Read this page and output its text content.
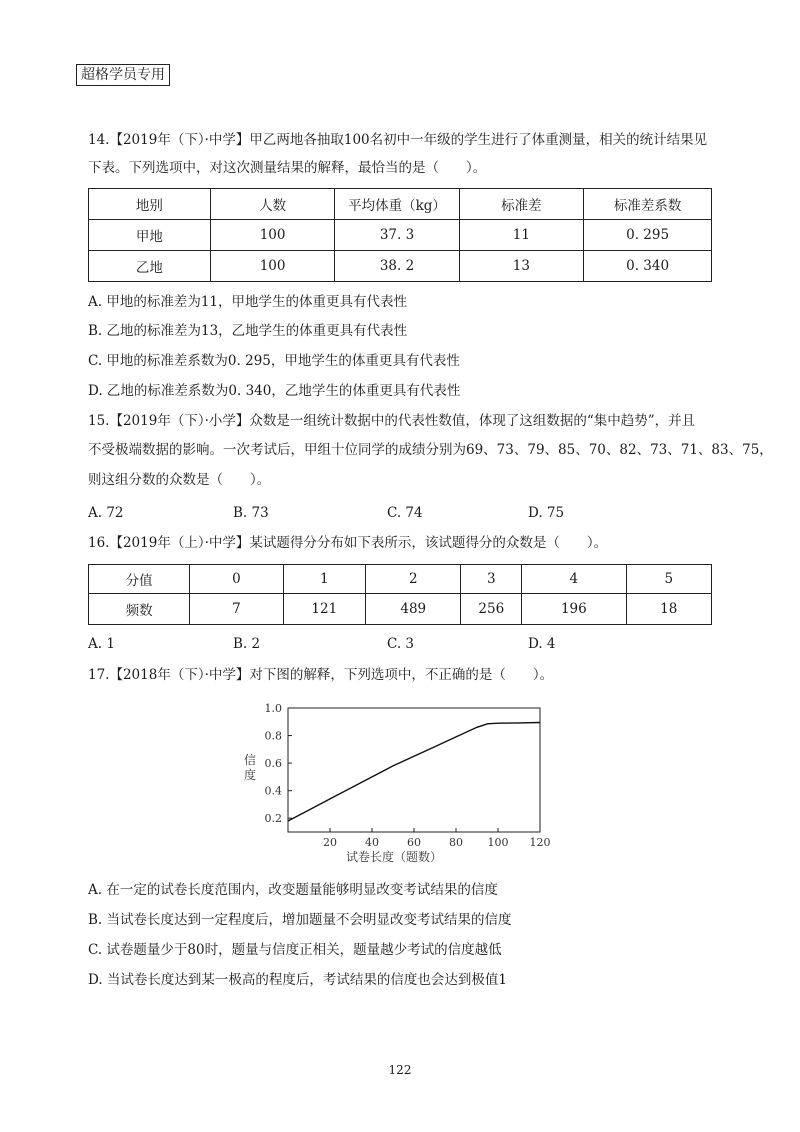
超格学员专用
14.【2019年（下）·中学】甲乙两地各抽取100名初中一年级的学生进行了体重测量，相关的统计结果见
下表。下列选项中，对这次测量结果的解释，最恰当的是（　　）。
地别	人数	平均体重（kg）	标准差	标准差系数
甲地	100	37. 3	11	0. 295
乙地	100	38. 2	13	0. 340
A. 甲地的标准差为11，甲地学生的体重更具有代表性
B. 乙地的标准差为13，乙地学生的体重更具有代表性
C. 甲地的标准差系数为0. 295，甲地学生的体重更具有代表性
D. 乙地的标准差系数为0. 340，乙地学生的体重更具有代表性
15.【2019年（下）·小学】众数是一组统计数据中的代表性数值，体现了这组数据的“集中趋势”，并且
不受极端数据的影响。一次考试后，甲组十位同学的成绩分别为69、73、79、85、70、82、73、71、83、75，
则这组分数的众数是（　　）。
A. 72	B. 73	C. 74	D. 75
16.【2019年（上）·中学】某试题得分分布如下表所示，该试题得分的众数是（　　）。
分值	0	1	2	3	4	5
频数	7	121	489	256	196	18
A. 1	B. 2	C. 3	D. 4
17.【2018年（下）·中学】对下图的解释，下列选项中，不正确的是（　　）。
0.2
0.4
0.6
0.8
1.0
20	40	60	80 100 120
信度
试卷长度（题数）
A. 在一定的试卷长度范围内，改变题量能够明显改变考试结果的信度
B. 当试卷长度达到一定程度后，增加题量不会明显改变考试结果的信度
C. 试卷题量少于80时，题量与信度正相关，题量越少考试的信度越低
D. 当试卷长度达到某一极高的程度后，考试结果的信度也会达到极值1
122
